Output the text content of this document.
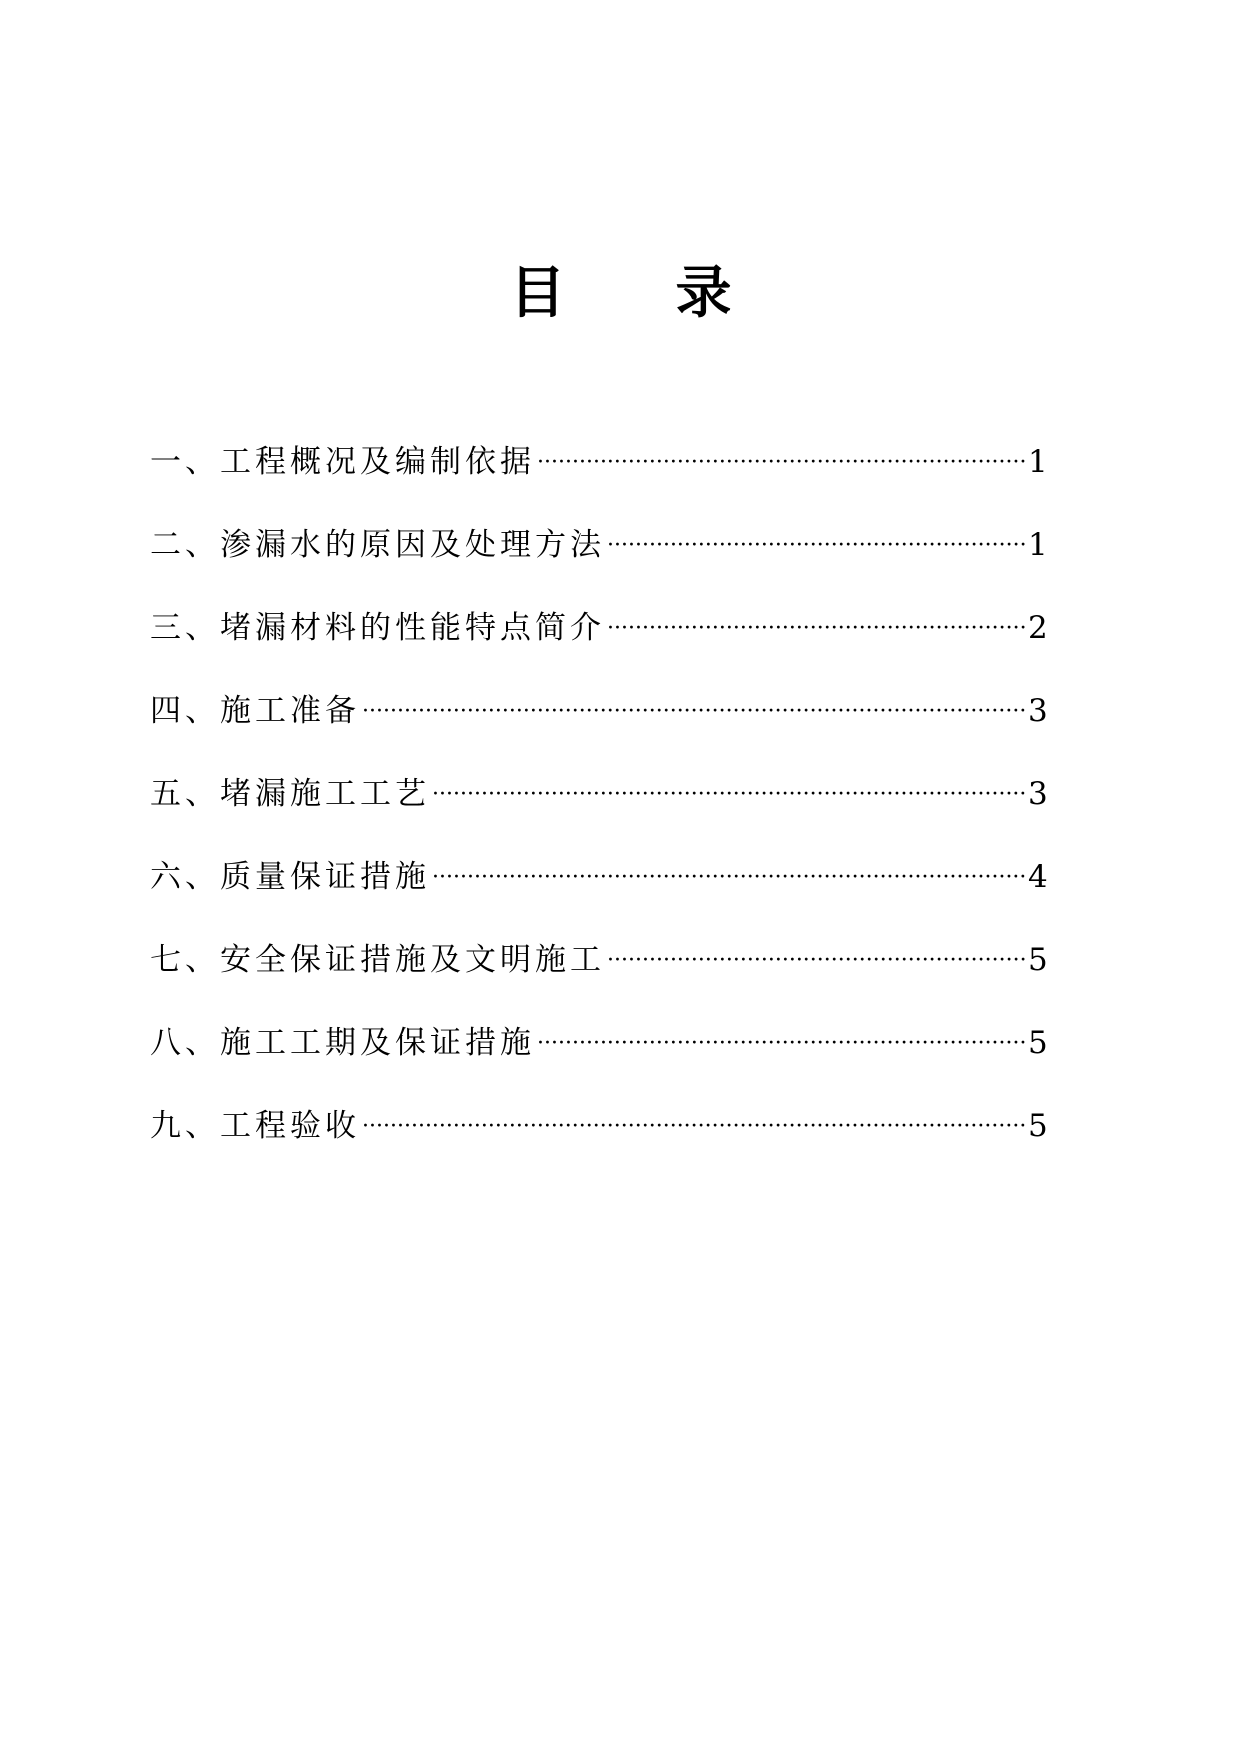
目 录
一、工程概况及编制依据 ·····	1
二、渗漏水的原因及处理方法 ·····	1
三、堵漏材料的性能特点简介 ·····	2
四、施工准备 ·····	3
五、堵漏施工工艺 ·····	3
六、质量保证措施 ·····	4
七、安全保证措施及文明施工 ·····	5
八、施工工期及保证措施 ·····	5
九、工程验收 ·····	5
